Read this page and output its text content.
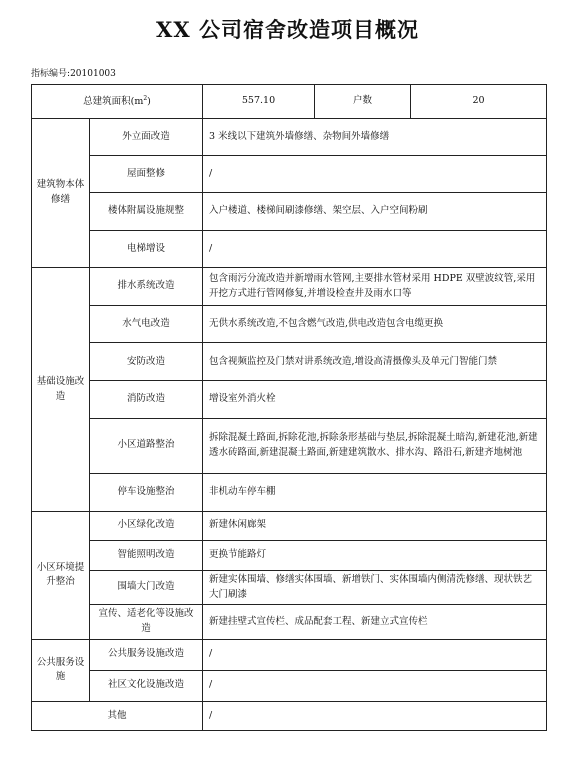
XX 公司宿舍改造项目概况
指标编号:20101003
总建筑面积$(m^2)$		557.10	户数	20
建筑物本体修缮	外立面改造	3 米线以下建筑外墙修缮、杂物间外墙修缮		
	屋面整修	/		
	楼体附属设施规整	入户楼道、楼梯间刷漆修缮、架空层、入户空间粉刷		
	电梯增设	/		
基础设施改造	排水系统改造	包含雨污分流改造并新增雨水管网,主要排水管材采用 HDPE 双壁波纹管,采用开挖方式进行管网修复,并增设检查井及雨水口等		
	水气电改造	无供水系统改造,不包含燃气改造,供电改造包含电缆更换		
	安防改造	包含视频监控及门禁对讲系统改造,增设高清摄像头及单元门智能门禁		
	消防改造	增设室外消火栓		
	小区道路整治	拆除混凝土路面,拆除花池,拆除条形基础与垫层,拆除混凝土暗沟,新建花池,新建透水砖路面,新建混凝土路面,新建建筑散水、排水沟、路沿石,新建齐地树池		
	停车设施整治	非机动车停车棚		
小区环境提升整治	小区绿化改造	新建休闲廊架		
	智能照明改造	更换节能路灯		
	围墙大门改造	新建实体围墙、修缮实体围墙、新增铁门、实体围墙内侧清洗修缮、现状铁艺大门刷漆		
	宣传、适老化等设施改造	新建挂壁式宣传栏、成品配套工程、新建立式宣传栏		
公共服务设施	公共服务设施改造	/		
	社区文化设施改造	/		
其他		/		
